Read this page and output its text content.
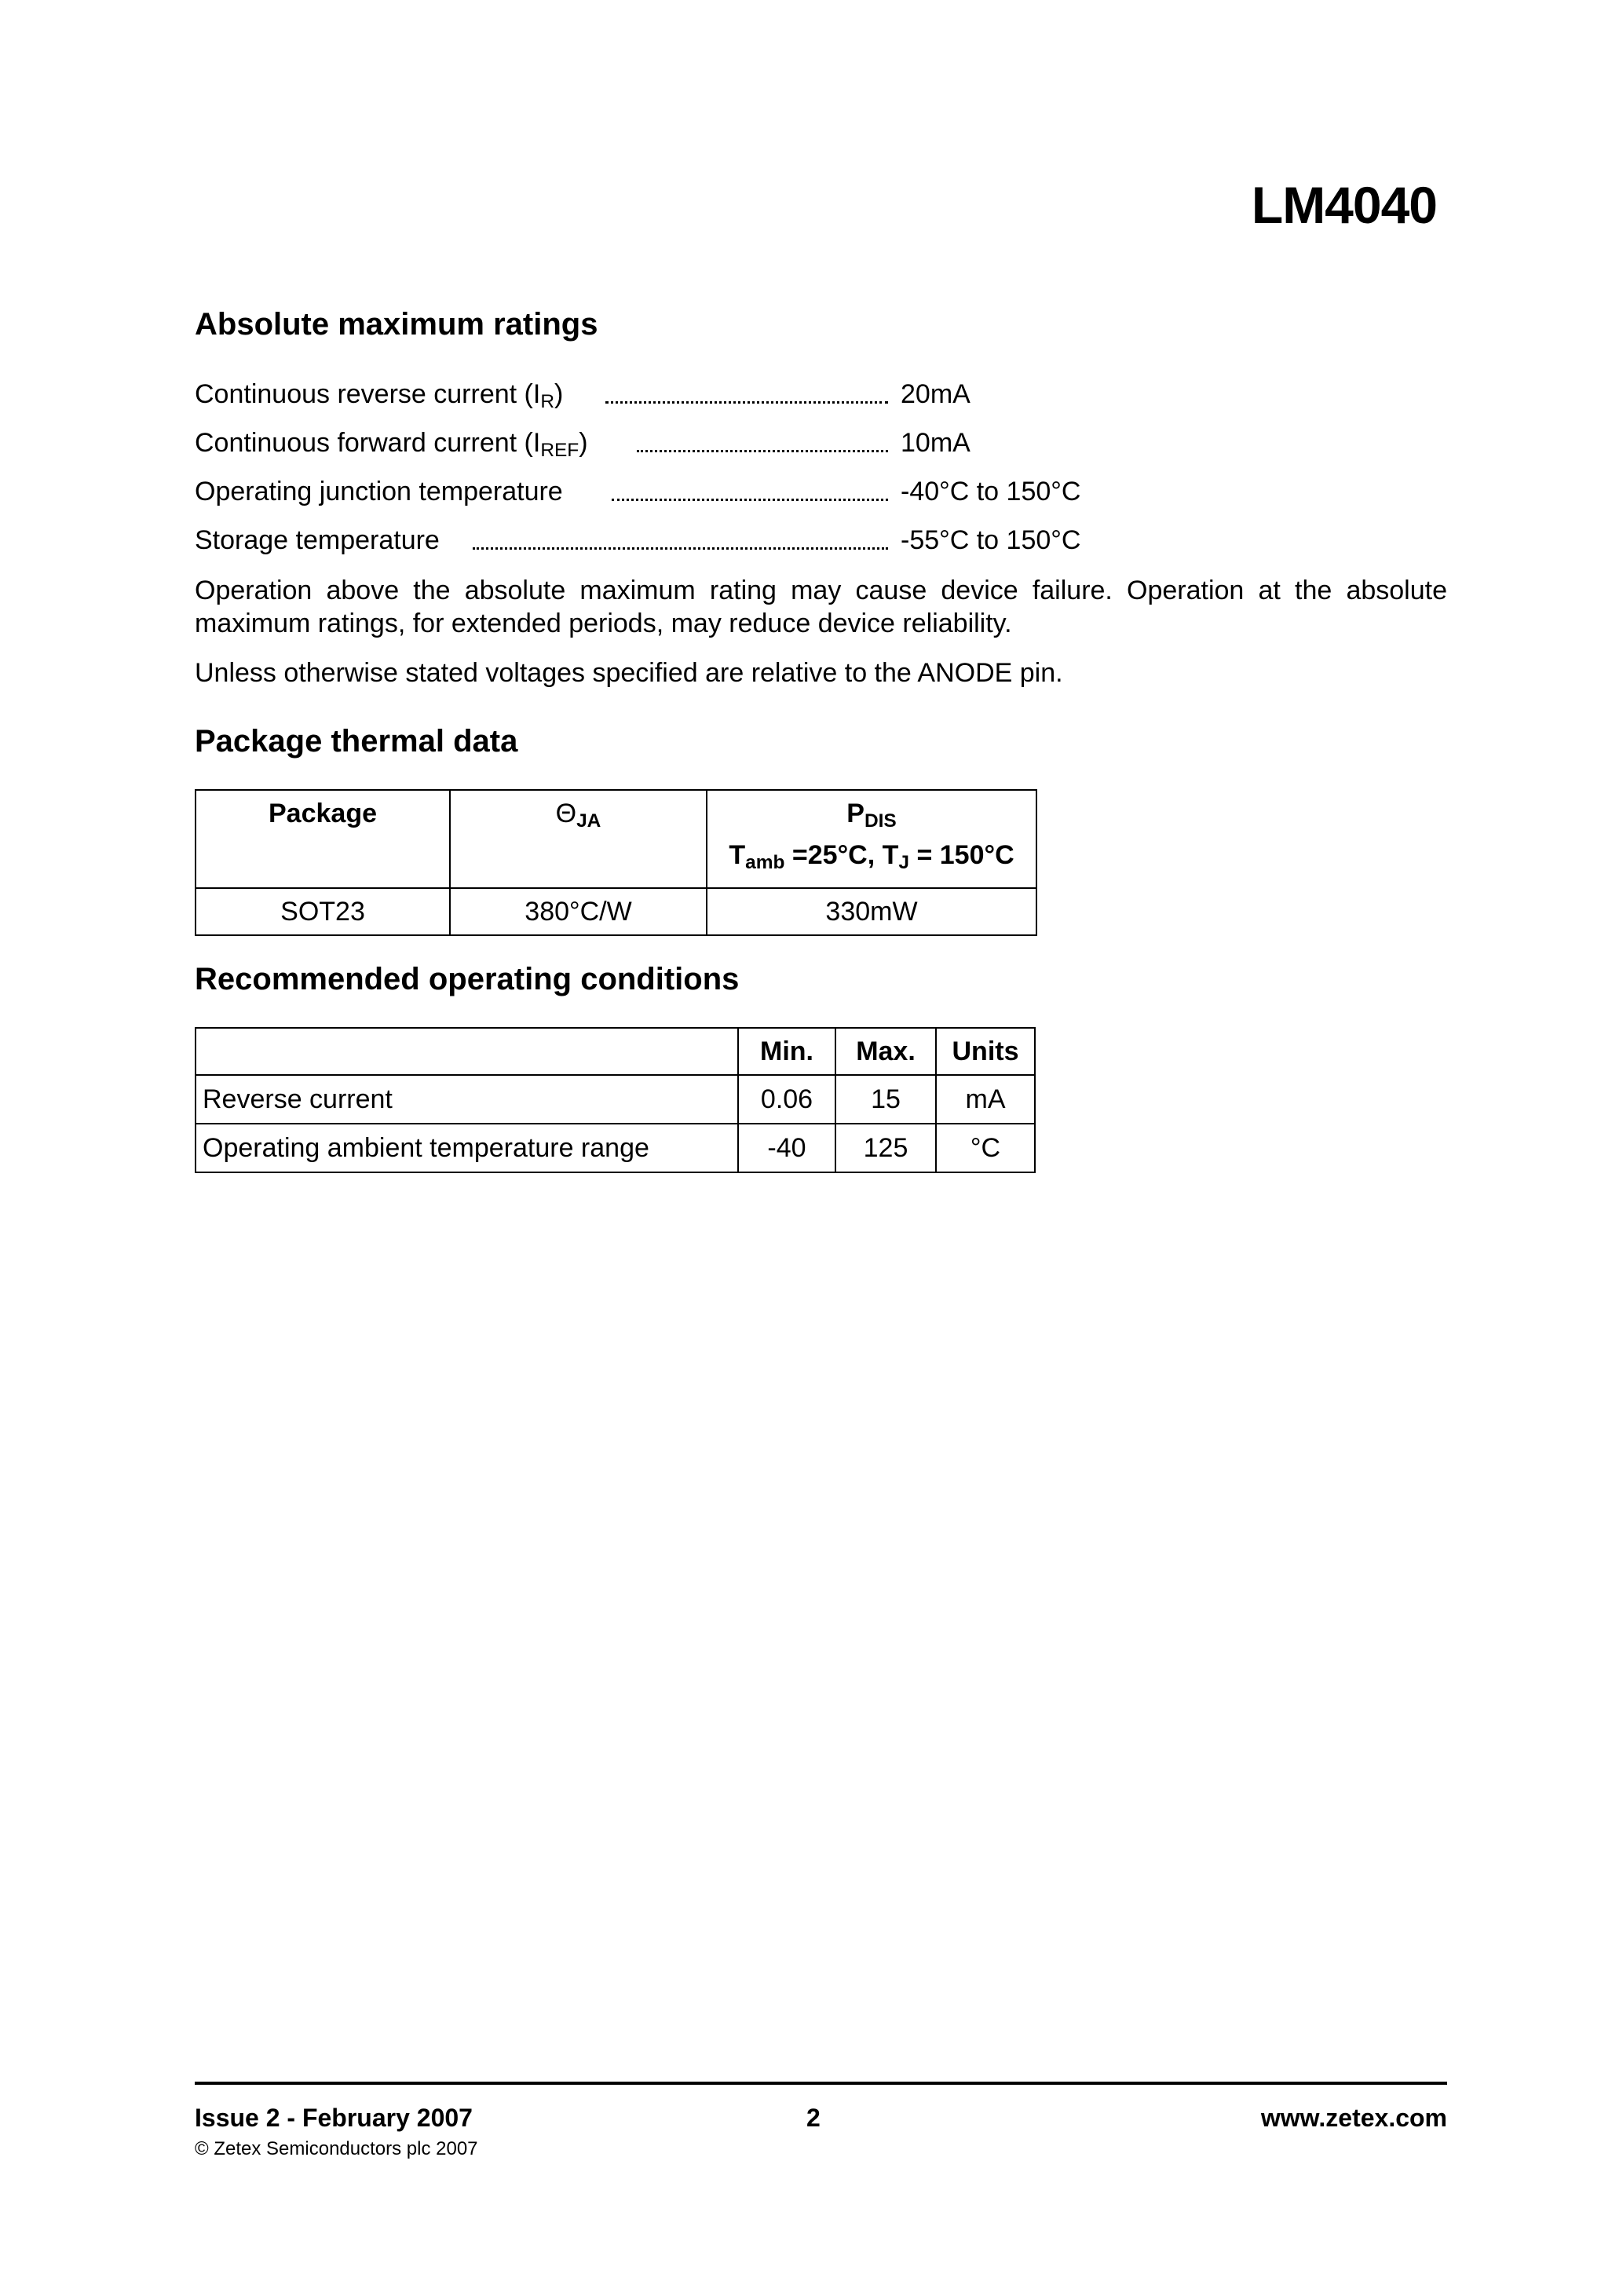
LM4040
Absolute maximum ratings
Continuous reverse current $(I_R)$	20mA
Continuous forward current $(I_{REF})$	10mA
Operating junction temperature	-40°C to 150°C
Storage temperature	-55°C to 150°C
Operation above the absolute maximum rating may cause device failure. Operation at the absolute maximum ratings, for extended periods, may reduce device reliability.
Unless otherwise stated voltages specified are relative to the ANODE pin.
Package thermal data
Package	$\Theta_{JA}$	$P_{DIS}$
$T_{amb} =25^\circ C$, $T_J = 150^\circ C$

SOT23	380°C/W	330mW
Recommended operating conditions
	Min.	Max.	Units
Reverse current	0.06	15	mA
Operating ambient temperature range	-40	125	°C
Issue 2 - February 2007	2	www.zetex.com
© Zetex Semiconductors plc 2007
